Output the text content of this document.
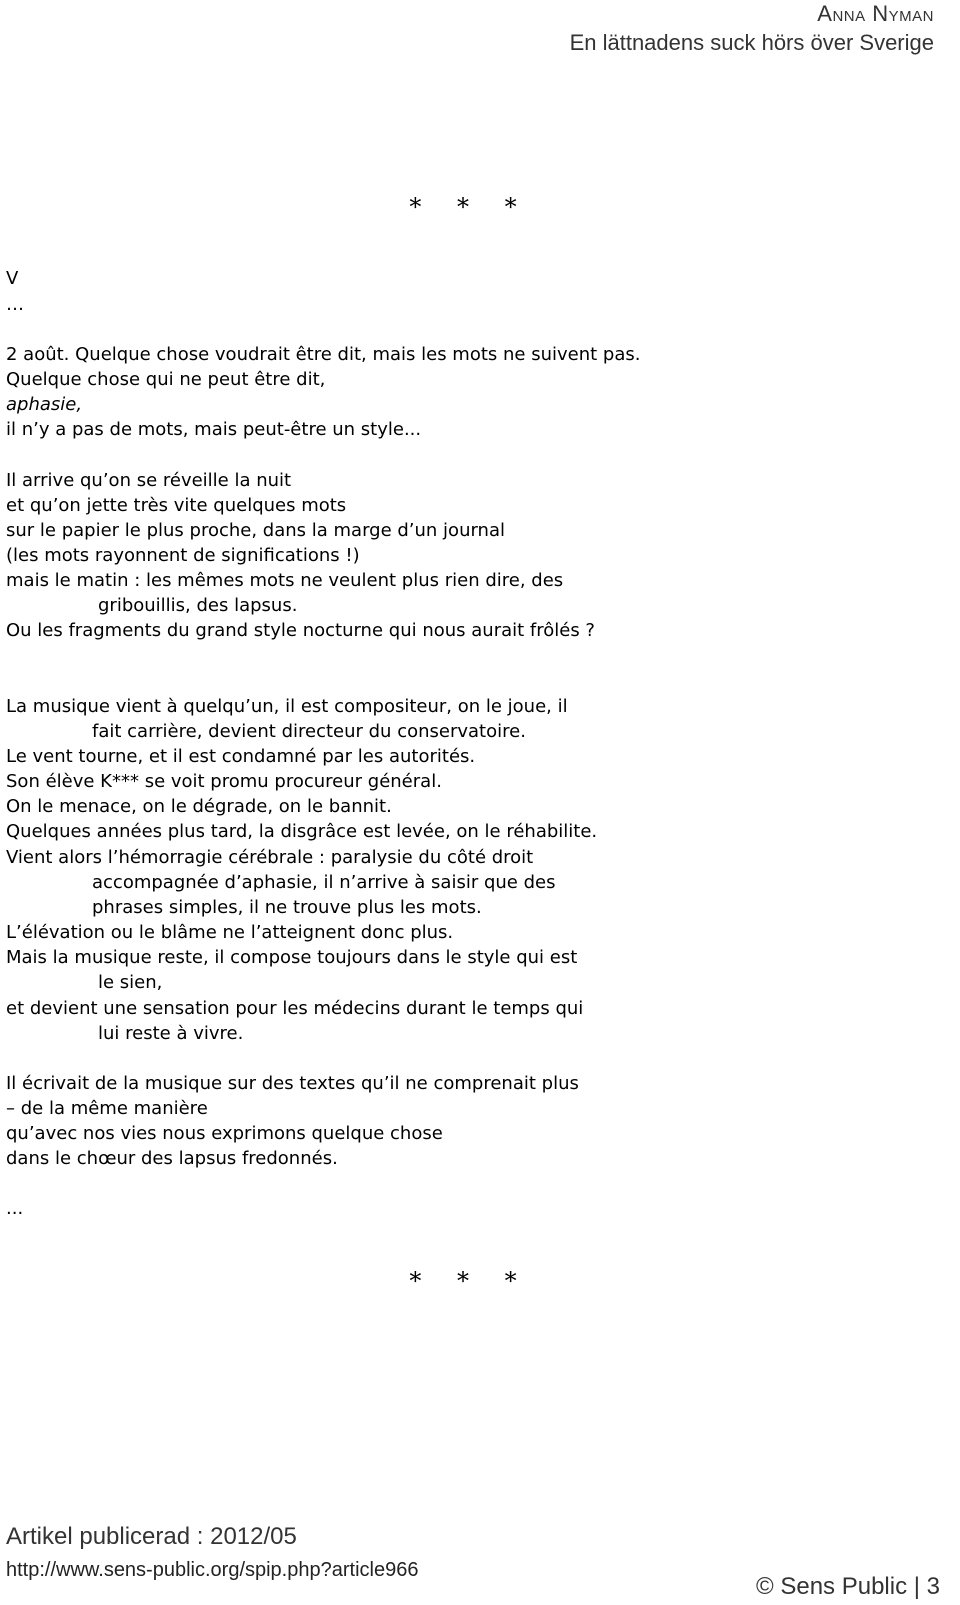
Anna Nyman
En lättnadens suck hörs över Sverige
* * *
V
…
2 août. Quelque chose voudrait être dit, mais les mots ne suivent pas.
Quelque chose qui ne peut être dit,
aphasie,
il n’y a pas de mots, mais peut-être un style...
Il arrive qu’on se réveille la nuit
et qu’on jette très vite quelques mots
sur le papier le plus proche, dans la marge d’un journal
(les mots rayonnent de significations !)
mais le matin : les mêmes mots ne veulent plus rien dire, des
gribouillis, des lapsus.
Ou les fragments du grand style nocturne qui nous aurait frôlés ?
La musique vient à quelqu’un, il est compositeur, on le joue, il
fait carrière, devient directeur du conservatoire.
Le vent tourne, et il est condamné par les autorités.
Son élève K*** se voit promu procureur général.
On le menace, on le dégrade, on le bannit.
Quelques années plus tard, la disgrâce est levée, on le réhabilite.
Vient alors l’hémorragie cérébrale : paralysie du côté droit
accompagnée d’aphasie, il n’arrive à saisir que des
phrases simples, il ne trouve plus les mots.
L’élévation ou le blâme ne l’atteignent donc plus.
Mais la musique reste, il compose toujours dans le style qui est
le sien,
et devient une sensation pour les médecins durant le temps qui
lui reste à vivre.
Il écrivait de la musique sur des textes qu’il ne comprenait plus
– de la même manière
qu’avec nos vies nous exprimons quelque chose
dans le chœur des lapsus fredonnés.
...
* * *
Artikel publicerad : 2012/05
http://www.sens-public.org/spip.php?article966
© Sens Public | 3
